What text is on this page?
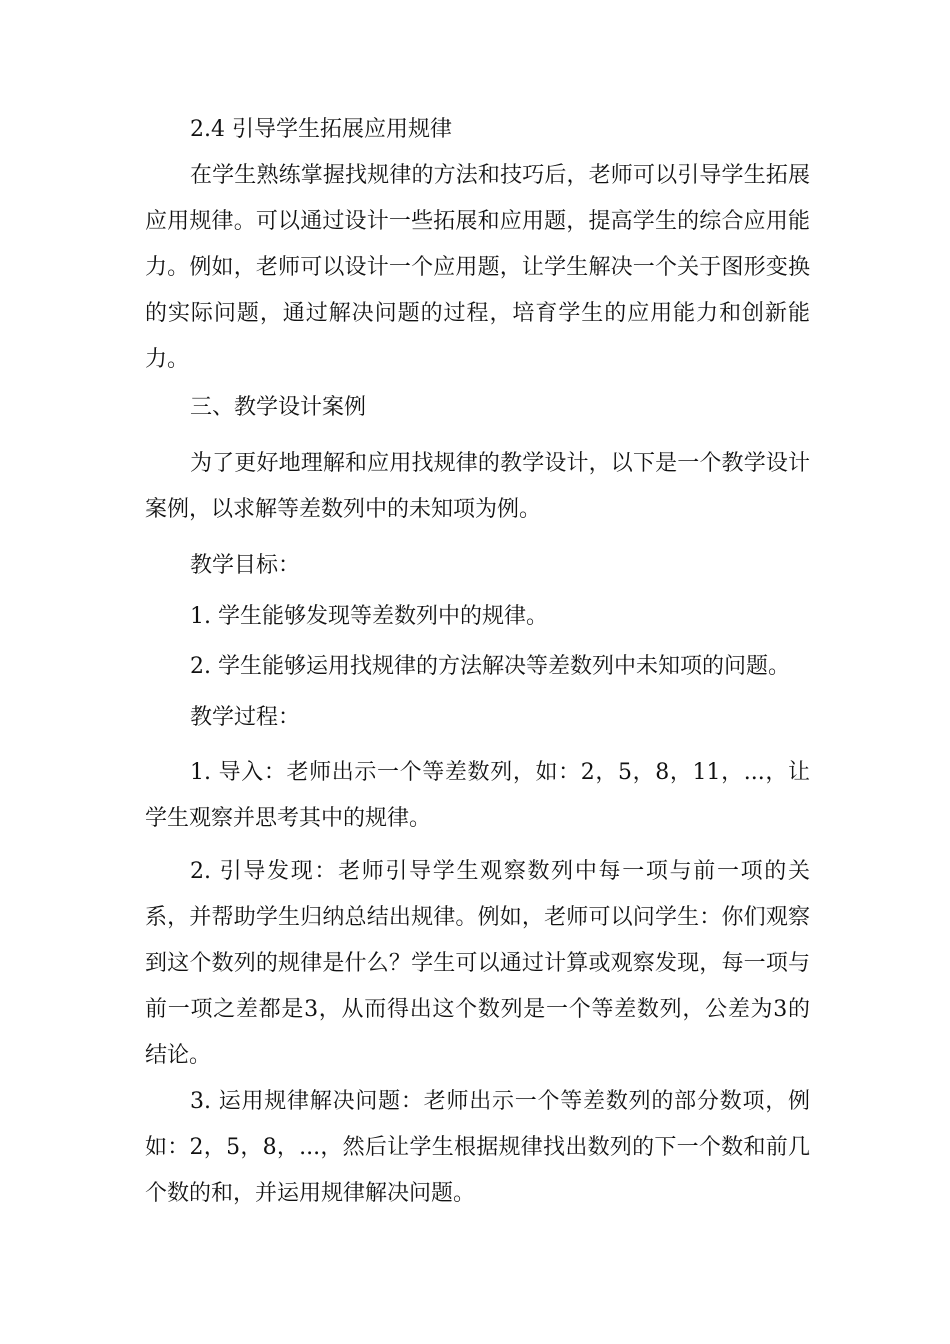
2.4 引导学生拓展应用规律

在学生熟练掌握找规律的方法和技巧后，老师可以引导学生拓展应用规律。可以通过设计一些拓展和应用题，提高学生的综合应用能力。例如，老师可以设计一个应用题，让学生解决一个关于图形变换的实际问题，通过解决问题的过程，培育学生的应用能力和创新能力。

三、教学设计案例

为了更好地理解和应用找规律的教学设计，以下是一个教学设计案例，以求解等差数列中的未知项为例。

教学目标：

1. 学生能够发现等差数列中的规律。

2. 学生能够运用找规律的方法解决等差数列中未知项的问题。

教学过程：

1. 导入：老师出示一个等差数列，如：2，5，8，11，...，让学生观察并思考其中的规律。

2. 引导发现：老师引导学生观察数列中每一项与前一项的关系，并帮助学生归纳总结出规律。例如，老师可以问学生：你们观察到这个数列的规律是什么？学生可以通过计算或观察发现，每一项与前一项之差都是3，从而得出这个数列是一个等差数列，公差为3的结论。

3. 运用规律解决问题：老师出示一个等差数列的部分数项，例如：2，5，8，...，然后让学生根据规律找出数列的下一个数和前几个数的和，并运用规律解决问题。
